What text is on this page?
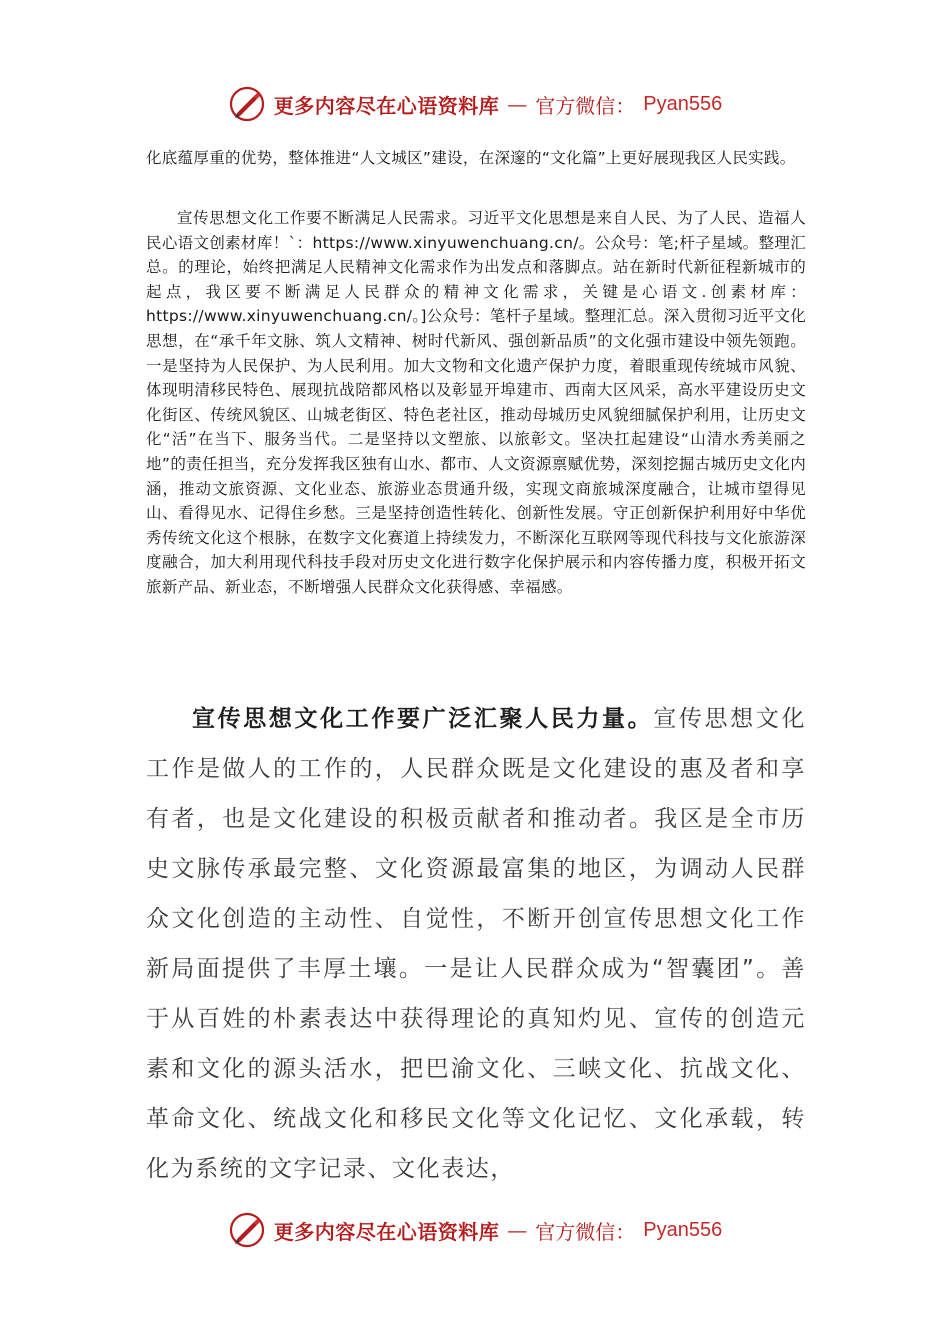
更多内容尽在心语资料库 — 官方微信： Pyan556
化底蕴厚重的优势，整体推进“人文城区”建设，在深邃的“文化篇”上更好展现我区人民实践。
宣传思想文化工作要不断满足人民需求。习近平文化思想是来自人民、为了人民、造福人民心语文创素材库！`：https://www.xinyuwenchuang.cn/。公众号：笔;杆子星域。整理汇总。的理论，始终把满足人民精神文化需求作为出发点和落脚点。站在新时代新征程新城市的起点，我区要不断满足人民群众的精神文化需求，关键是心语文.创素材库：https://www.xinyuwenchuang.cn/。]公众号：笔杆子星域。整理汇总。深入贯彻习近平文化思想，在“承千年文脉、筑人文精神、树时代新风、强创新品质”的文化强市建设中领先领跑。一是坚持为人民保护、为人民利用。加大文物和文化遗产保护力度，着眼重现传统城市风貌、体现明清移民特色、展现抗战陪都风格以及彰显开埠建市、西南大区风采，高水平建设历史文化街区、传统风貌区、山城老街区、特色老社区，推动母城历史风貌细腻保护利用，让历史文化“活”在当下、服务当代。二是坚持以文塑旅、以旅彰文。坚决扛起建设“山清水秀美丽之地”的责任担当，充分发挥我区独有山水、都市、人文资源禀赋优势，深刻挖掘古城历史文化内涵，推动文旅资源、文化业态、旅游业态贯通升级，实现文商旅城深度融合，让城市望得见山、看得见水、记得住乡愁。三是坚持创造性转化、创新性发展。守正创新保护利用好中华优秀传统文化这个根脉，在数字文化赛道上持续发力，不断深化互联网等现代科技与文化旅游深度融合，加大利用现代科技手段对历史文化进行数字化保护展示和内容传播力度，积极开拓文旅新产品、新业态，不断增强人民群众文化获得感、幸福感。
宣传思想文化工作要广泛汇聚人民力量。宣传思想文化工作是做人的工作的，人民群众既是文化建设的惠及者和享有者，也是文化建设的积极贡献者和推动者。我区是全市历史文脉传承最完整、文化资源最富集的地区，为调动人民群众文化创造的主动性、自觉性，不断开创宣传思想文化工作新局面提供了丰厚土壤。一是让人民群众成为“智囊团”。善于从百姓的朴素表达中获得理论的真知灼见、宣传的创造元素和文化的源头活水，把巴渝文化、三峡文化、抗战文化、革命文化、统战文化和移民文化等文化记忆、文化承载，转化为系统的文字记录、文化表达，
更多内容尽在心语资料库 — 官方微信： Pyan556
